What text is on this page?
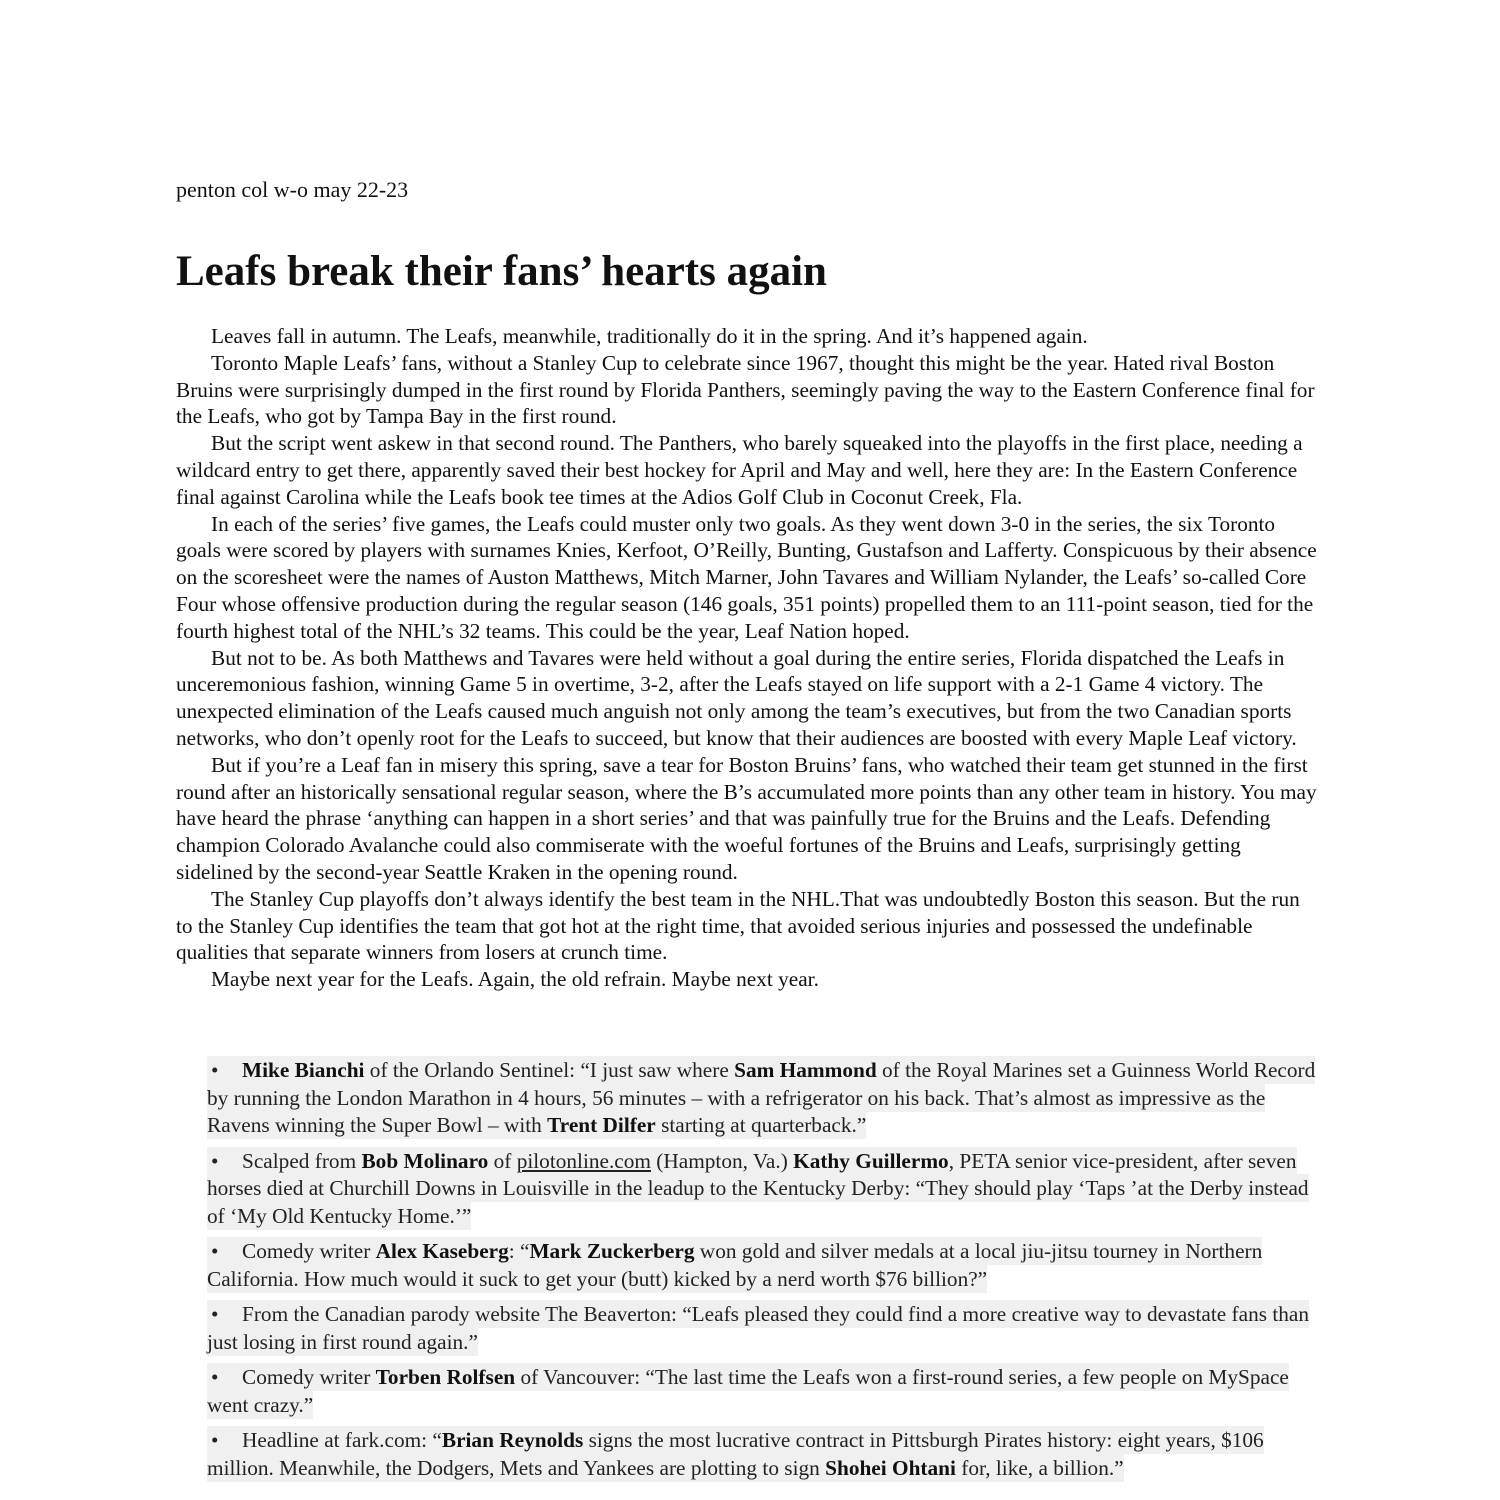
penton col w-o may 22-23

Leafs break their fans’ hearts again

Leaves fall in autumn. The Leafs, meanwhile, traditionally do it in the spring. And it’s happened again.

Toronto Maple Leafs’ fans, without a Stanley Cup to celebrate since 1967, thought this might be the year. Hated rival Boston Bruins were surprisingly dumped in the first round by Florida Panthers, seemingly paving the way to the Eastern Conference final for the Leafs, who got by Tampa Bay in the first round.

But the script went askew in that second round. The Panthers, who barely squeaked into the playoffs in the first place, needing a wildcard entry to get there, apparently saved their best hockey for April and May and well, here they are: In the Eastern Conference final against Carolina while the Leafs book tee times at the Adios Golf Club in Coconut Creek, Fla.

In each of the series’ five games, the Leafs could muster only two goals. As they went down 3-0 in the series, the six Toronto goals were scored by players with surnames Knies, Kerfoot, O’Reilly, Bunting, Gustafson and Lafferty. Conspicuous by their absence on the scoresheet were the names of Auston Matthews, Mitch Marner, John Tavares and William Nylander, the Leafs’ so-called Core Four whose offensive production during the regular season (146 goals, 351 points) propelled them to an 111-point season, tied for the fourth highest total of the NHL’s 32 teams. This could be the year, Leaf Nation hoped.

But not to be. As both Matthews and Tavares were held without a goal during the entire series, Florida dispatched the Leafs in unceremonious fashion, winning Game 5 in overtime, 3-2, after the Leafs stayed on life support with a 2-1 Game 4 victory. The unexpected elimination of the Leafs caused much anguish not only among the team’s executives, but from the two Canadian sports networks, who don’t openly root for the Leafs to succeed, but know that their audiences are boosted with every Maple Leaf victory.

But if you’re a Leaf fan in misery this spring, save a tear for Boston Bruins’ fans, who watched their team get stunned in the first round after an historically sensational regular season, where the B’s accumulated more points than any other team in history. You may have heard the phrase ‘anything can happen in a short series’ and that was painfully true for the Bruins and the Leafs. Defending champion Colorado Avalanche could also commiserate with the woeful fortunes of the Bruins and Leafs, surprisingly getting sidelined by the second-year Seattle Kraken in the opening round.

The Stanley Cup playoffs don’t always identify the best team in the NHL.That was undoubtedly Boston this season. But the run to the Stanley Cup identifies the team that got hot at the right time, that avoided serious injuries and possessed the undefinable qualities that separate winners from losers at crunch time.

Maybe next year for the Leafs. Again, the old refrain. Maybe next year.

• Mike Bianchi of the Orlando Sentinel: “I just saw where Sam Hammond of the Royal Marines set a Guinness World Record by running the London Marathon in 4 hours, 56 minutes – with a refrigerator on his back. That’s almost as impressive as the Ravens winning the Super Bowl – with Trent Dilfer starting at quarterback.”
• Scalped from Bob Molinaro of pilotonline.com (Hampton, Va.) Kathy Guillermo, PETA senior vice-president, after seven horses died at Churchill Downs in Louisville in the leadup to the Kentucky Derby: “They should play ‘Taps ’at the Derby instead of ‘My Old Kentucky Home.’”
• Comedy writer Alex Kaseberg: “Mark Zuckerberg won gold and silver medals at a local jiu-jitsu tourney in Northern California. How much would it suck to get your (butt) kicked by a nerd worth $76 billion?”
• From the Canadian parody website The Beaverton: “Leafs pleased they could find a more creative way to devastate fans than just losing in first round again.”
• Comedy writer Torben Rolfsen of Vancouver: “The last time the Leafs won a first-round series, a few people on MySpace went crazy.”
• Headline at fark.com: “Brian Reynolds signs the most lucrative contract in Pittsburgh Pirates history: eight years, $106 million. Meanwhile, the Dodgers, Mets and Yankees are plotting to sign Shohei Ohtani for, like, a billion.”
